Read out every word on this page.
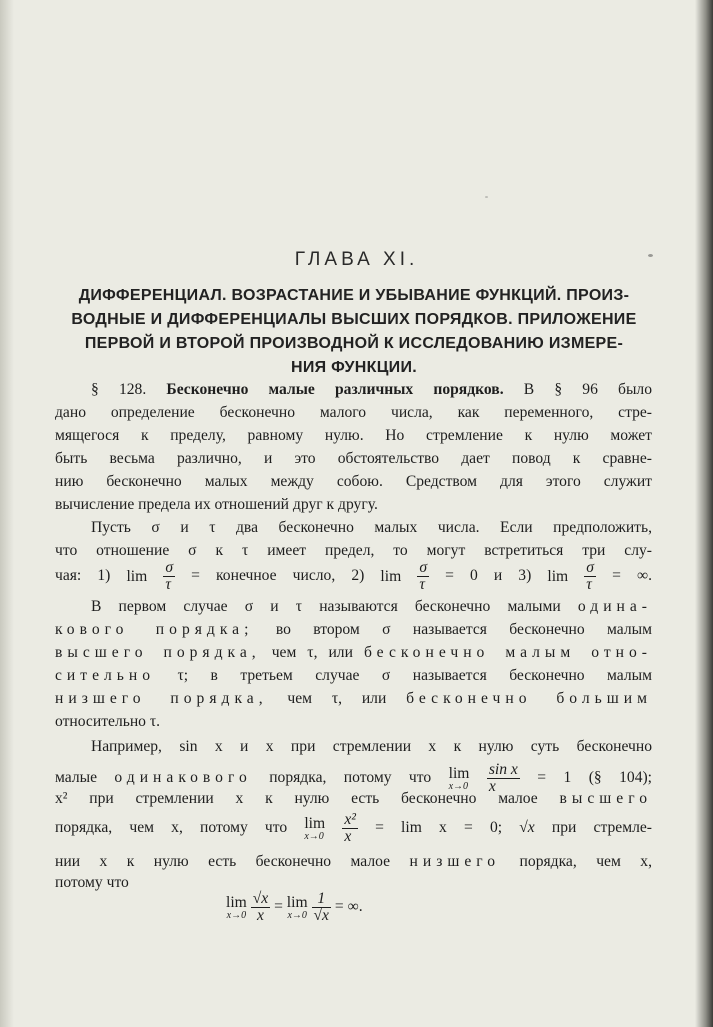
ГЛАВА XI.
ДИФФЕРЕНЦИАЛ. ВОЗРАСТАНИЕ И УБЫВАНИЕ ФУНКЦИЙ. ПРОИЗ-
ВОДНЫЕ И ДИФФЕРЕНЦИАЛЫ ВЫСШИХ ПОРЯДКОВ. ПРИЛОЖЕНИЕ
ПЕРВОЙ И ВТОРОЙ ПРОИЗВОДНОЙ К ИССЛЕДОВАНИЮ ИЗМЕРЕ-
НИЯ ФУНКЦИИ.
§ 128. Бесконечно малые различных порядков. В § 96 было
дано определение бесконечно малого числа, как переменного, стре-
мящегося к пределу, равному нулю. Но стремление к нулю может
быть весьма различно, и это обстоятельство дает повод к сравне-
нию бесконечно малых между собою. Средством для этого служит
вычисление предела их отношений друг к другу.
Пусть σ и τ два бесконечно малых числа. Если предположить,
что отношение σ к τ имеет предел, то могут встретиться три слу-
чая: 1) lim
$\frac{\sigma}{\tau}$ = конечное число, 2) lim
$\frac{\sigma}{\tau} = 0$ и 3) lim
$\frac{\sigma}{\tau}$ = ∞.
В первом случае σ и τ называются бесконечно малыми одина-
кового порядка; во втором σ называется бесконечно малым
высшего порядка, чем τ, или бесконечно малым отно-
сительно τ; в третьем случае σ называется бесконечно малым
низшего порядка, чем τ, или бесконечно большим
относительно τ.
Например, sin x и x при стремлении x к нулю суть бесконечно
малые одинакового порядка, потому что lim
x→0
$\frac{\text{sin x}}{x} = 1$ (§ 104);
x² при стремлении x к нулю есть бесконечно малое высшего
порядка, чем x, потому что lim
x→0
$\frac{\text{x²}}{x} = \lim x = 0$; √x при стремле-
нии x к нулю есть бесконечно малое низшего порядка, чем x,
потому что
lim
x→0
$\frac{√x}{x} = \lim$
x→0
$\frac{1}{√x}$ = ∞.
